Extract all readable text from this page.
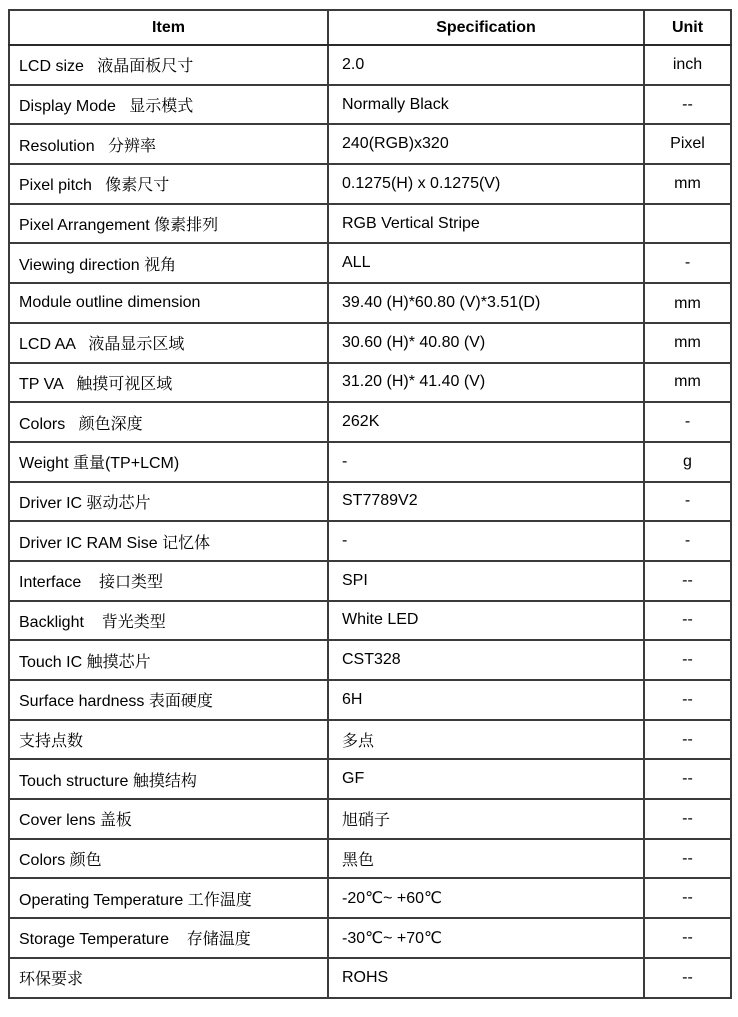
Item	Specification	Unit
LCD size   液晶面板尺寸	2.0	inch
Display Mode   显示模式	Normally Black	--
Resolution   分辨率	240(RGB)x320	Pixel
Pixel pitch   像素尺寸	0.1275(H) x 0.1275(V)	mm
Pixel Arrangement 像素排列	RGB Vertical Stripe	
Viewing direction 视角	ALL	-
Module outline dimension	39.40 (H)*60.80 (V)*3.51(D)	mm
LCD AA   液晶显示区域	30.60 (H)* 40.80 (V)	mm
TP VA   触摸可视区域	31.20 (H)* 41.40 (V)	mm
Colors   颜色深度	262K	-
Weight 重量(TP+LCM)	-	g
Driver IC 驱动芯片	ST7789V2	-
Driver IC RAM Sise 记忆体	-	-
Interface    接口类型	SPI	--
Backlight    背光类型	White LED	--
Touch IC 触摸芯片	CST328	--
Surface hardness 表面硬度	6H	--
支持点数	多点	--
Touch structure 触摸结构	GF	--
Cover lens 盖板	旭硝子	--
Colors 颜色	黑色	--
Operating Temperature 工作温度	-20℃~ +60℃	--
Storage Temperature    存储温度	-30℃~ +70℃	--
环保要求	ROHS	--
